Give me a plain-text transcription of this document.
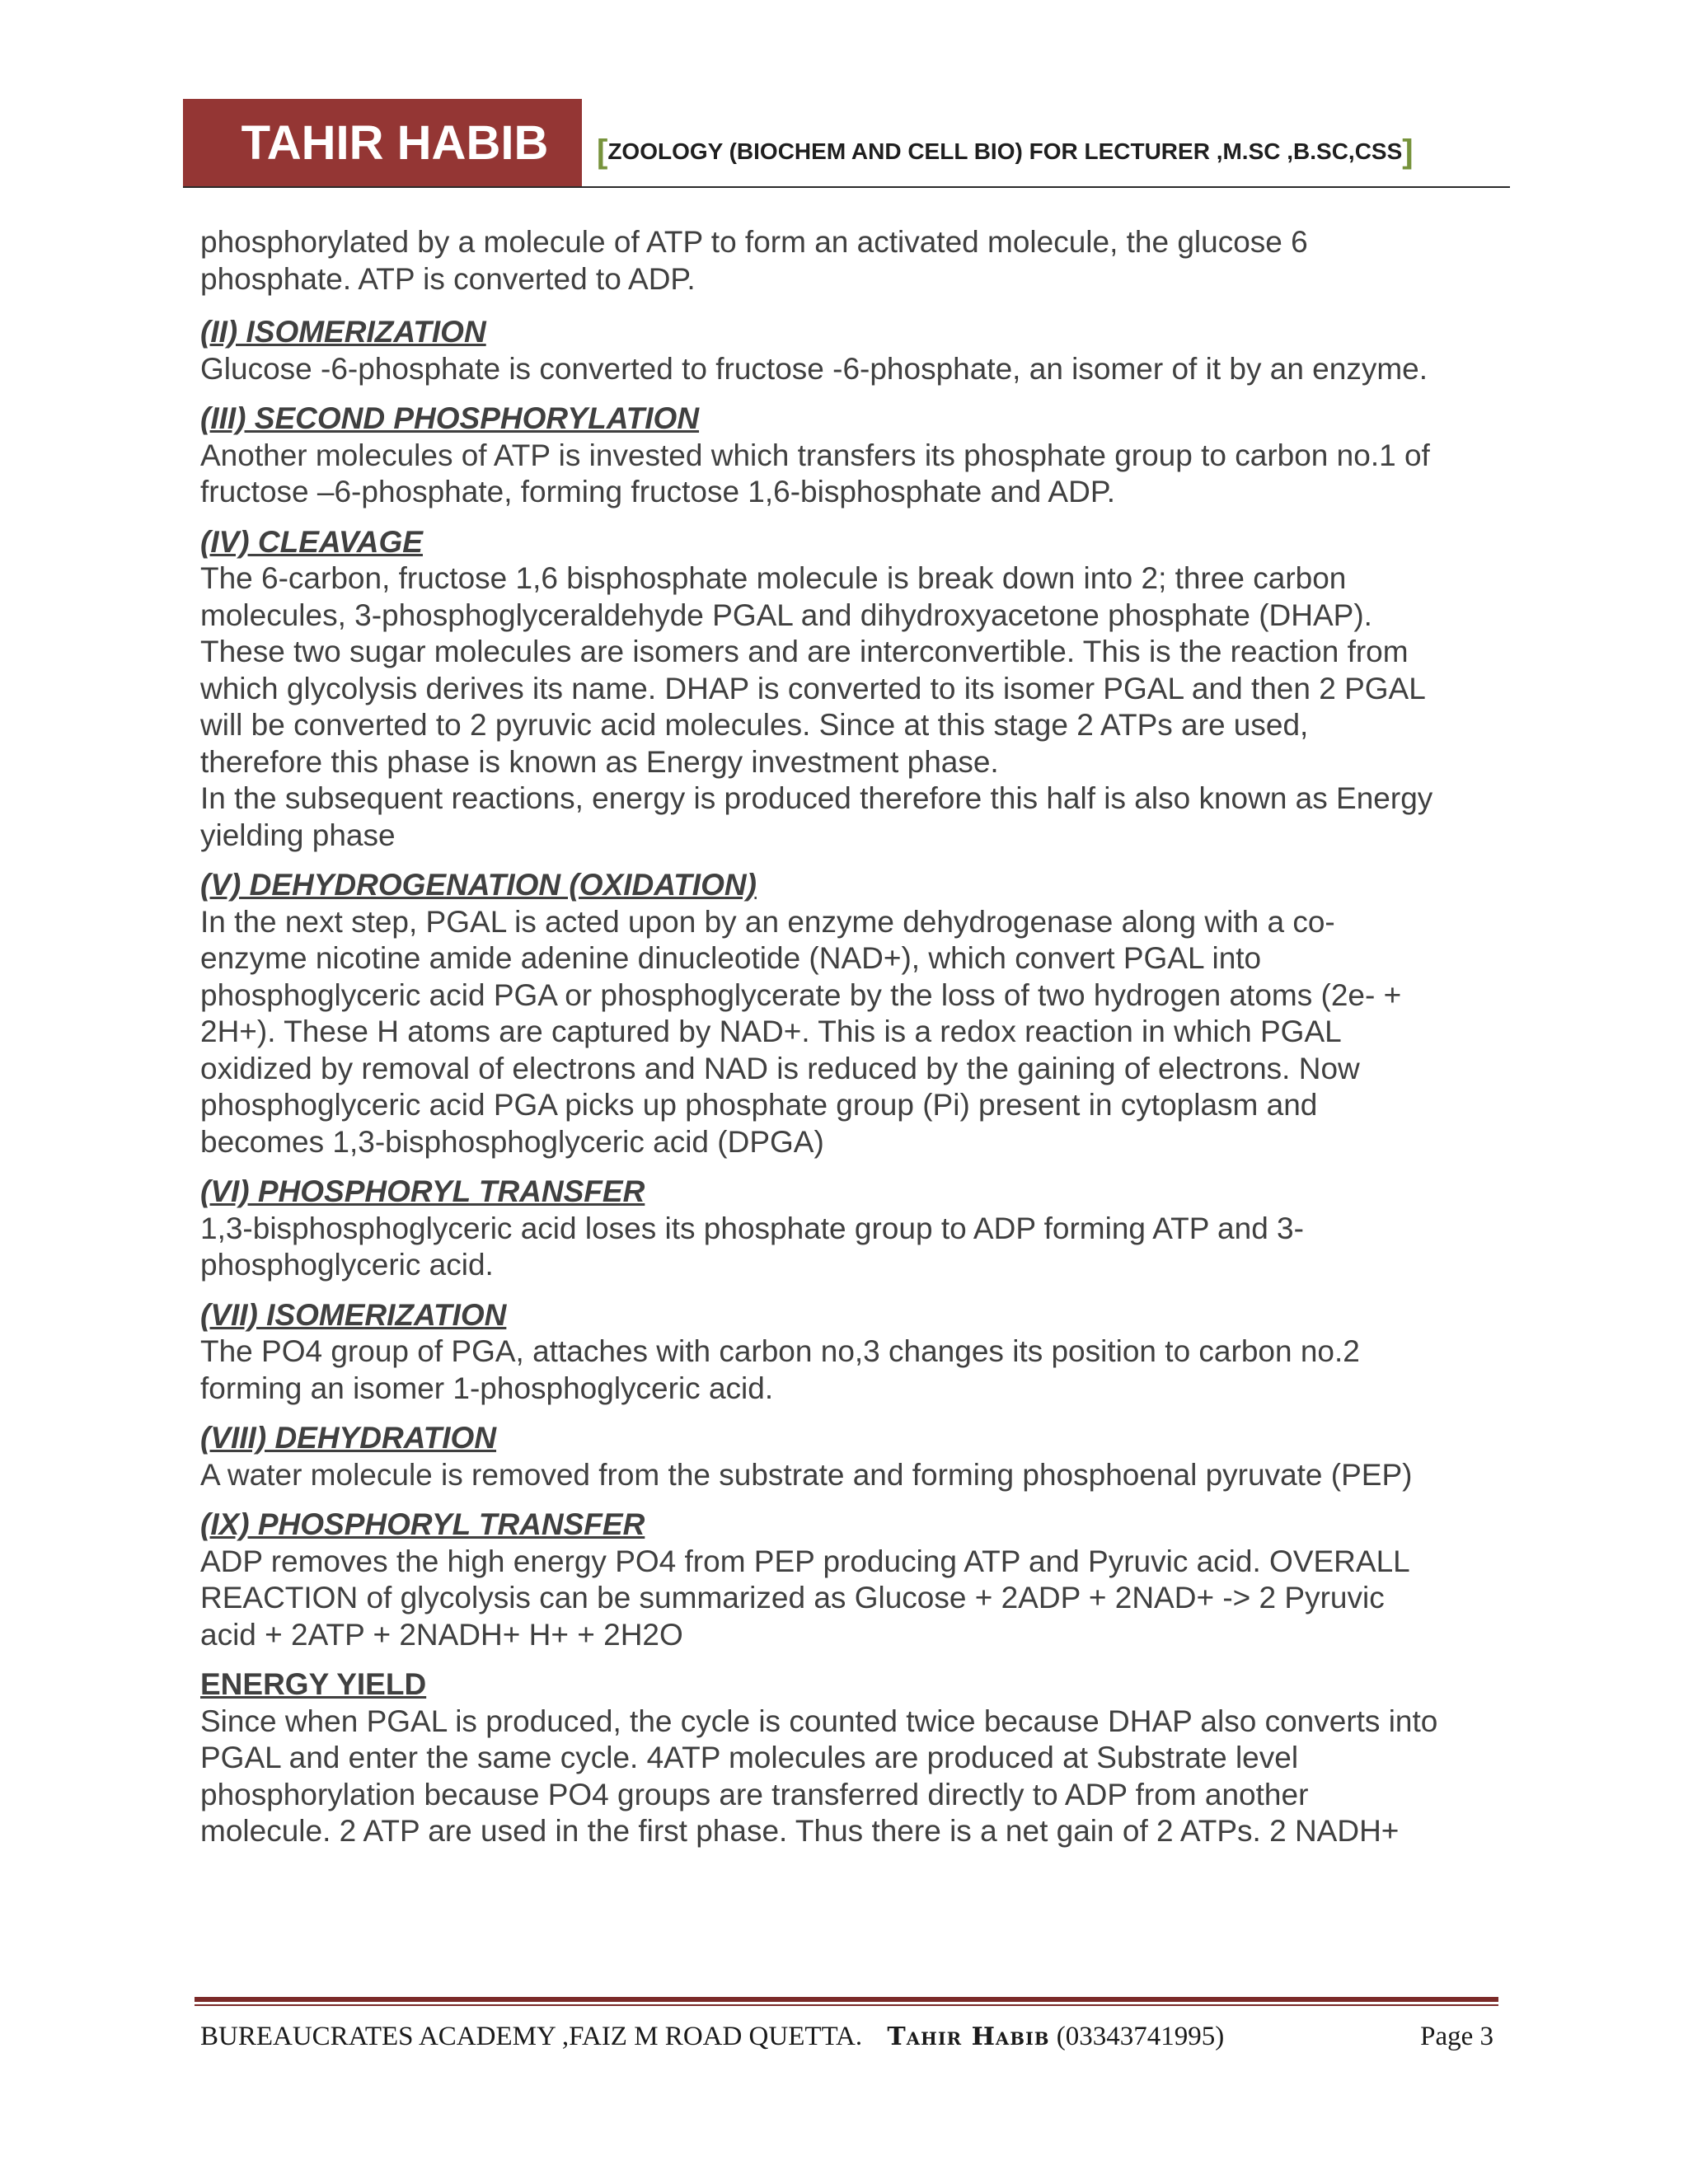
TAHIR HABIB [ZOOLOGY (BIOCHEM AND CELL BIO) FOR LECTURER ,M.SC ,B.SC,CSS]

phosphorylated by a molecule of ATP to form an activated molecule, the glucose 6

phosphate. ATP is converted to ADP.

(II) ISOMERIZATION

Glucose -6-phosphate is converted to fructose -6-phosphate, an isomer of it by an enzyme.

(III) SECOND PHOSPHORYLATION

Another molecules of ATP is invested which transfers its phosphate group to carbon no.1 of

fructose –6-phosphate, forming fructose 1,6-bisphosphate and ADP.

(IV) CLEAVAGE

The 6-carbon, fructose 1,6 bisphosphate molecule is break down into 2; three carbon

molecules, 3-phosphoglyceraldehyde PGAL and dihydroxyacetone phosphate (DHAP).

These two sugar molecules are isomers and are interconvertible. This is the reaction from

which glycolysis derives its name. DHAP is converted to its isomer PGAL and then 2 PGAL

will be converted to 2 pyruvic acid molecules. Since at this stage 2 ATPs are used,

therefore this phase is known as Energy investment phase.

In the subsequent reactions, energy is produced therefore this half is also known as Energy

yielding phase

(V) DEHYDROGENATION (OXIDATION)

In the next step, PGAL is acted upon by an enzyme dehydrogenase along with a co-

enzyme nicotine amide adenine dinucleotide (NAD+), which convert PGAL into

phosphoglyceric acid PGA or phosphoglycerate by the loss of two hydrogen atoms (2e- +

2H+). These H atoms are captured by NAD+. This is a redox reaction in which PGAL

oxidized by removal of electrons and NAD is reduced by the gaining of electrons. Now

phosphoglyceric acid PGA picks up phosphate group (Pi) present in cytoplasm and

becomes 1,3-bisphosphoglyceric acid (DPGA)

(VI) PHOSPHORYL TRANSFER

1,3-bisphosphoglyceric acid loses its phosphate group to ADP forming ATP and 3-

phosphoglyceric acid.

(VII) ISOMERIZATION

The PO4 group of PGA, attaches with carbon no,3 changes its position to carbon no.2

forming an isomer 1-phosphoglyceric acid.

(VIII) DEHYDRATION

A water molecule is removed from the substrate and forming phosphoenal pyruvate (PEP)

(IX) PHOSPHORYL TRANSFER

ADP removes the high energy PO4 from PEP producing ATP and Pyruvic acid. OVERALL

REACTION of glycolysis can be summarized as Glucose + 2ADP + 2NAD+ -> 2 Pyruvic

acid + 2ATP + 2NADH+ H+ + 2H2O

ENERGY YIELD

Since when PGAL is produced, the cycle is counted twice because DHAP also converts into

PGAL and enter the same cycle. 4ATP molecules are produced at Substrate level

phosphorylation because PO4 groups are transferred directly to ADP from another

molecule. 2 ATP are used in the first phase. Thus there is a net gain of 2 ATPs. 2 NADH+

BUREAUCRATES ACADEMY ,FAIZ M ROAD QUETTA. Tahir Habib (03343741995)	Page 3
